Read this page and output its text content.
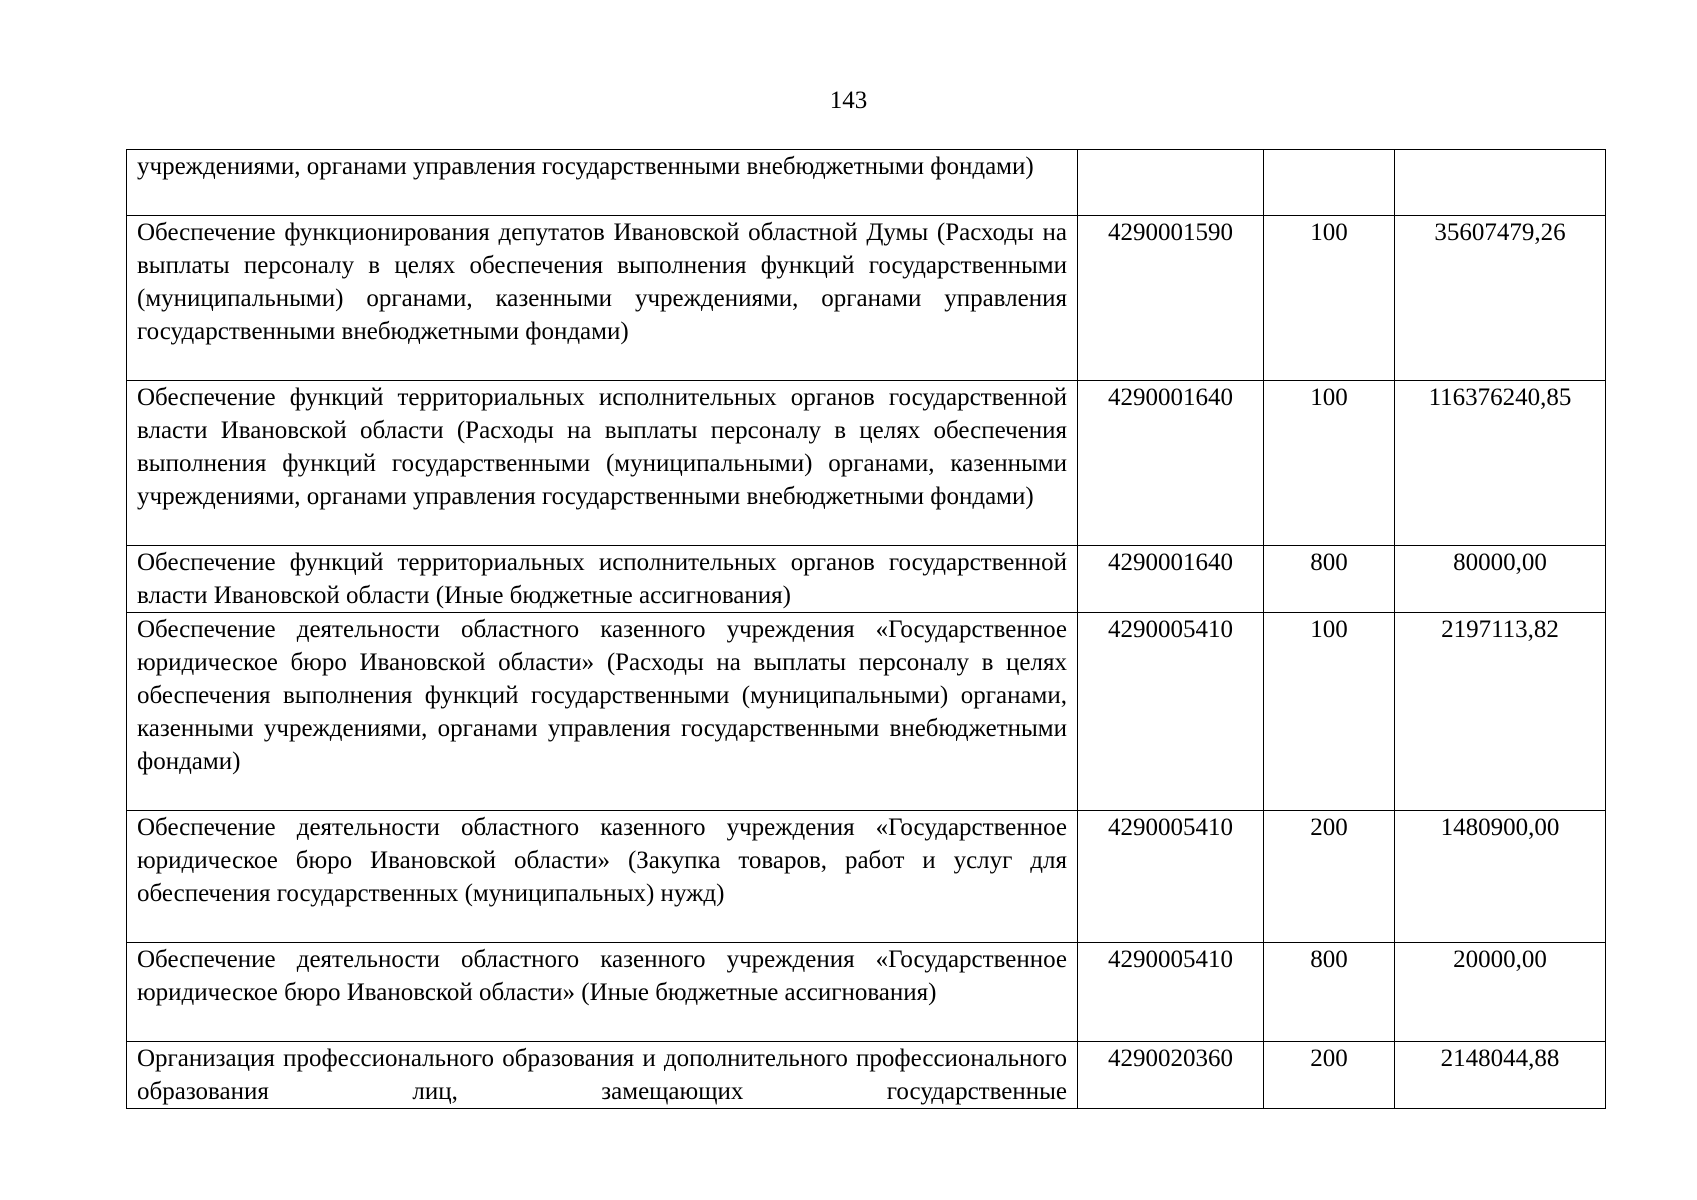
143
учреждениями, органами управления государственными внебюджетными фондами)			
Обеспечение функционирования депутатов Ивановской областной Думы (Расходы на выплаты персоналу в целях обеспечения выполнения функций государственными (муниципальными) органами, казенными учреждениями, органами управления государственными внебюджетными фондами)	4290001590	100	35607479,26
Обеспечение функций территориальных исполнительных органов государственной власти Ивановской области (Расходы на выплаты персоналу в целях обеспечения выполнения функций государственными (муниципальными) органами, казенными учреждениями, органами управления государственными внебюджетными фондами)	4290001640	100	116376240,85
Обеспечение функций территориальных исполнительных органов государственной власти Ивановской области (Иные бюджетные ассигнования)	4290001640	800	80000,00
Обеспечение деятельности областного казенного учреждения «Государственное юридическое бюро Ивановской области» (Расходы на выплаты персоналу в целях обеспечения выполнения функций государственными (муниципальными) органами, казенными учреждениями, органами управления государственными внебюджетными фондами)	4290005410	100	2197113,82
Обеспечение деятельности областного казенного учреждения «Государственное юридическое бюро Ивановской области» (Закупка товаров, работ и услуг для обеспечения государственных (муниципальных) нужд)	4290005410	200	1480900,00
Обеспечение деятельности областного казенного учреждения «Государственное юридическое бюро Ивановской области» (Иные бюджетные ассигнования)	4290005410	800	20000,00
Организация профессионального образования и дополнительного профессионального образования лиц, замещающих государственные	4290020360	200	2148044,88
